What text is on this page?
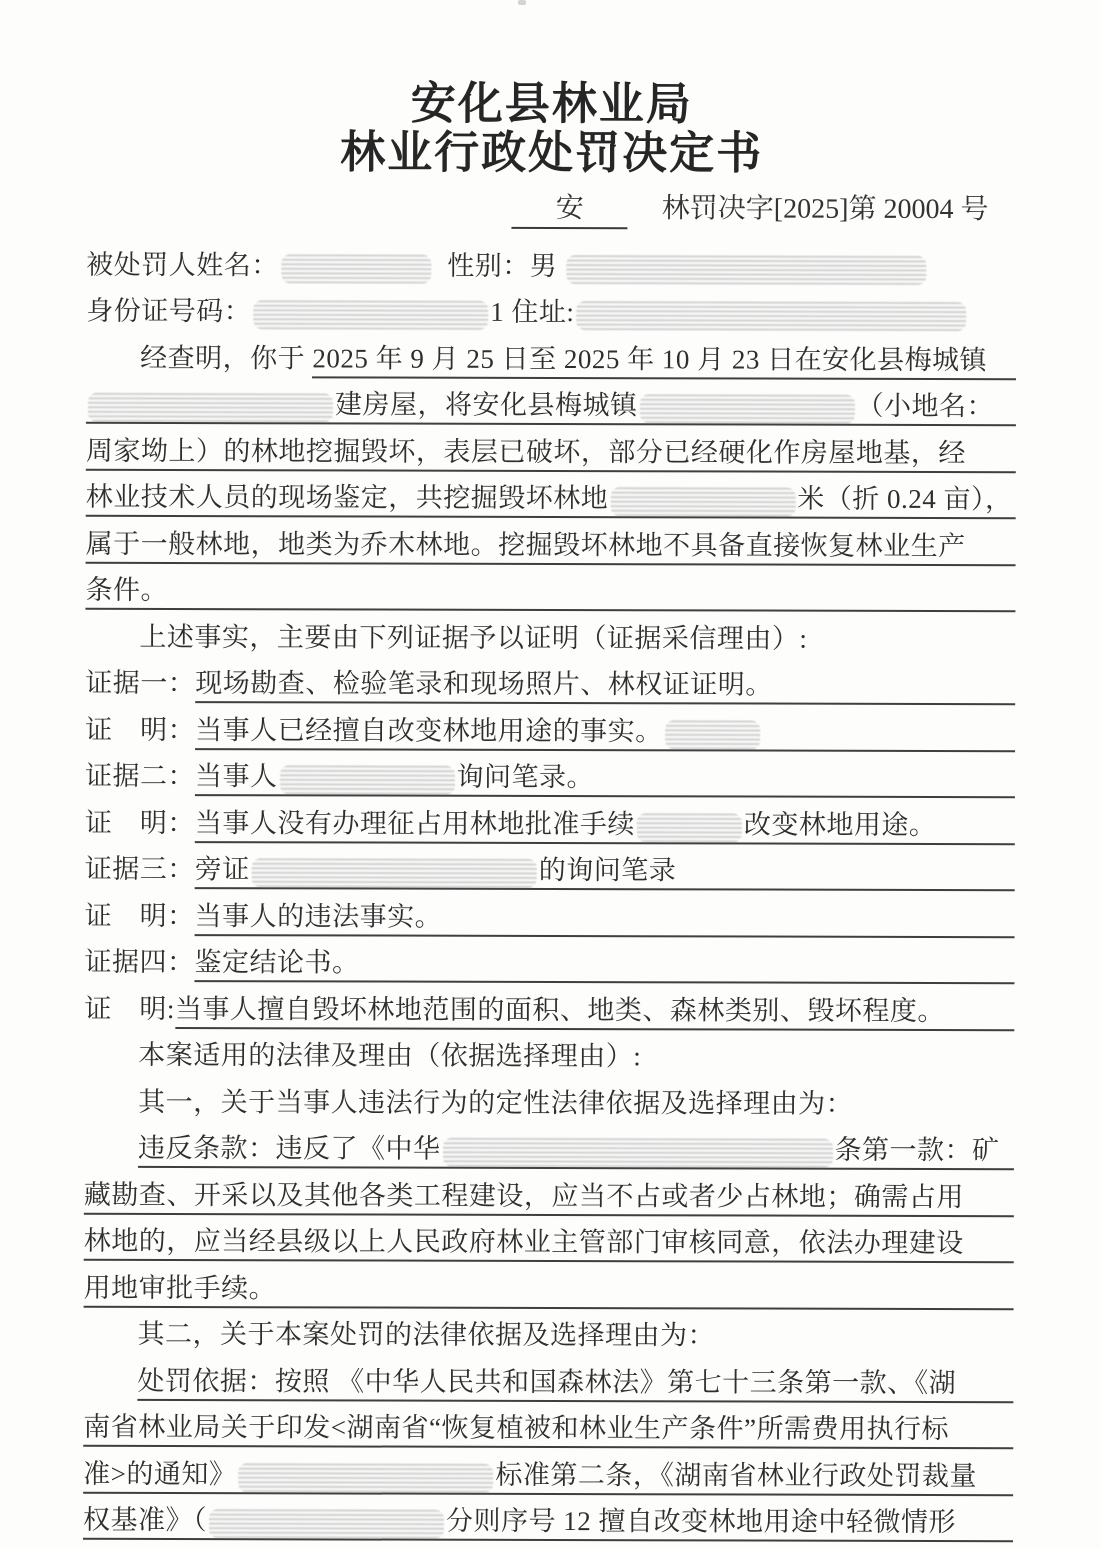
安化县林业局
林业行政处罚决定书
安	林罚决字[2025]第 20004 号
被处罚人姓名：	性别：男
身份证号码：	1 住址:
经查明，你于 2025 年 9 月 25 日至 2025 年 10 月 23 日在安化县梅城镇
建房屋，将安化县梅城镇	（小地名：
周家坳上）的林地挖掘毁坏，表层已破坏，部分已经硬化作房屋地基，经
林业技术人员的现场鉴定，共挖掘毁坏林地	米（折 0.24 亩），
属于一般林地，地类为乔木林地。挖掘毁坏林地不具备直接恢复林业生产
条件。
上述事实，主要由下列证据予以证明（证据采信理由）:
证据一： 现场勘查、检验笔录和现场照片、林权证证明。
证　明： 当事人已经擅自改变林地用途的事实。
证据二： 当事人	询问笔录。
证　明： 当事人没有办理征占用林地批准手续	改变林地用途。
证据三： 旁证	的询问笔录
证　明： 当事人的违法事实。
证据四： 鉴定结论书。
证　明: 当事人擅自毁坏林地范围的面积、地类、森林类别、毁坏程度。
本案适用的法律及理由（依据选择理由）:
其一，关于当事人违法行为的定性法律依据及选择理由为：
违反条款：违反了《中华	条第一款：矿
藏勘查、开采以及其他各类工程建设，应当不占或者少占林地；确需占用
林地的，应当经县级以上人民政府林业主管部门审核同意，依法办理建设
用地审批手续。
其二，关于本案处罚的法律依据及选择理由为：
处罚依据：按照 《中华人民共和国森林法》第七十三条第一款、《湖
南省林业局关于印发<湖南省“恢复植被和林业生产条件”所需费用执行标
准>的通知》	标准第二条，《湖南省林业行政处罚裁量
权基准》（	分则序号 12 擅自改变林地用途中轻微情形
